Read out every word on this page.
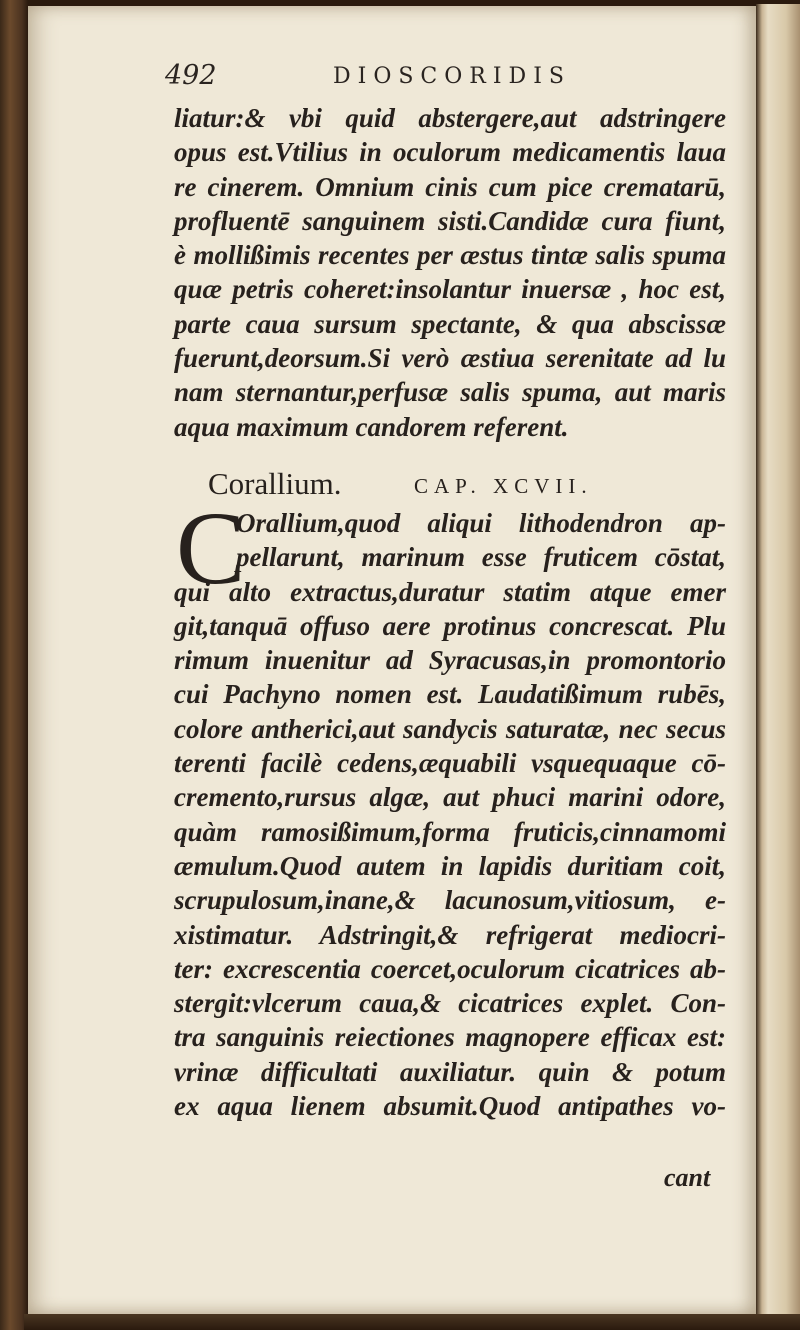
492	DIOSCORIDIS
liatur:& vbi quid abstergere,aut adstringere
opus est.Vtilius in oculorum medicamentis laua
re cinerem. Omnium cinis cum pice crematarū,
profluentē sanguinem sisti.Candidæ cura fiunt,
è mollißimis recentes per æstus tintæ salis spuma
quæ petris coheret:insolantur inuersæ , hoc est,
parte caua sursum spectante, & qua abscissæ
fuerunt,deorsum.Si verò æstiua serenitate ad lu
nam sternantur,perfusæ salis spuma, aut maris
aqua maximum candorem referent.
Corallium.	CAP. XCVII.
C
Orallium,quod aliqui lithodendron ap-
pellarunt, marinum esse fruticem cōstat,
qui alto extractus,duratur statim atque emer
git,tanquā offuso aere protinus concrescat. Plu
rimum inuenitur ad Syracusas,in promontorio
cui Pachyno nomen est. Laudatißimum rubēs,
colore antherici,aut sandycis saturatæ, nec secus
terenti facilè cedens,æquabili vsquequaque cō-
cremento,rursus algæ, aut phuci marini odore,
quàm ramosißimum,forma fruticis,cinnamomi
æmulum.Quod autem in lapidis duritiam coit,
scrupulosum,inane,& lacunosum,vitiosum, e-
xistimatur. Adstringit,& refrigerat mediocri-
ter: excrescentia coercet,oculorum cicatrices ab-
stergit:vlcerum caua,& cicatrices explet. Con-
tra sanguinis reiectiones magnopere efficax est:
vrinæ difficultati auxiliatur. quin & potum
ex aqua lienem absumit.Quod antipathes vo-
cant
